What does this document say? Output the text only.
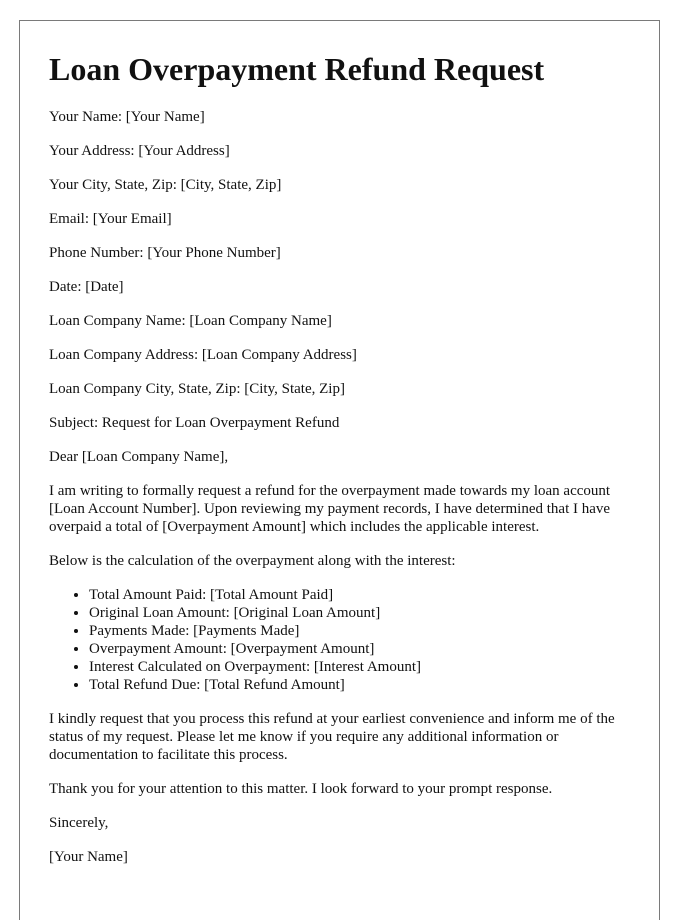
Loan Overpayment Refund Request

Your Name: [Your Name]

Your Address: [Your Address]

Your City, State, Zip: [City, State, Zip]

Email: [Your Email]

Phone Number: [Your Phone Number]

Date: [Date]

Loan Company Name: [Loan Company Name]

Loan Company Address: [Loan Company Address]

Loan Company City, State, Zip: [City, State, Zip]

Subject: Request for Loan Overpayment Refund

Dear [Loan Company Name],

I am writing to formally request a refund for the overpayment made towards my loan account [Loan Account Number]. Upon reviewing my payment records, I have determined that I have overpaid a total of [Overpayment Amount] which includes the applicable interest.

Below is the calculation of the overpayment along with the interest:

• Total Amount Paid: [Total Amount Paid]
• Original Loan Amount: [Original Loan Amount]
• Payments Made: [Payments Made]
• Overpayment Amount: [Overpayment Amount]
• Interest Calculated on Overpayment: [Interest Amount]
• Total Refund Due: [Total Refund Amount]

I kindly request that you process this refund at your earliest convenience and inform me of the status of my request. Please let me know if you require any additional information or documentation to facilitate this process.

Thank you for your attention to this matter. I look forward to your prompt response.

Sincerely,

[Your Name]
